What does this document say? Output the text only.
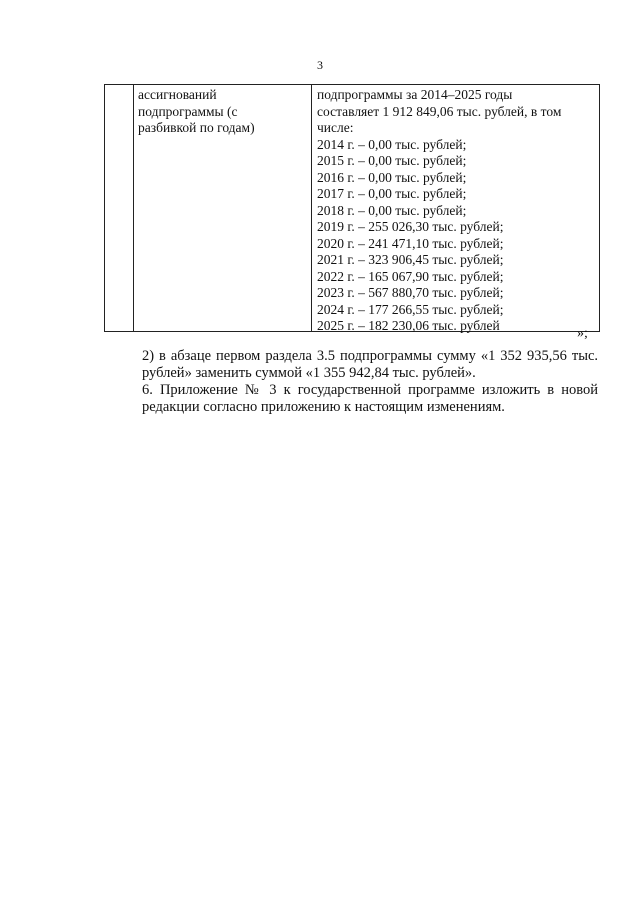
3
ассигнований
подпрограммы (с
разбивкой по годам)
подпрограммы за 2014–2025 годы
составляет 1 912 849,06 тыс. рублей, в том
числе:
2014 г. – 0,00 тыс. рублей;
2015 г. – 0,00 тыс. рублей;
2016 г. – 0,00 тыс. рублей;
2017 г. – 0,00 тыс. рублей;
2018 г. – 0,00 тыс. рублей;
2019 г. – 255 026,30 тыс. рублей;
2020 г. – 241 471,10 тыс. рублей;
2021 г. – 323 906,45 тыс. рублей;
2022 г. – 165 067,90 тыс. рублей;
2023 г. – 567 880,70 тыс. рублей;
2024 г. – 177 266,55 тыс. рублей;
2025 г. – 182 230,06 тыс. рублей
»;
2) в абзаце первом раздела 3.5 подпрограммы сумму «1 352 935,56 тыс.
рублей» заменить суммой «1 355 942,84 тыс. рублей».
6. Приложение № 3 к государственной программе изложить в новой
редакции согласно приложению к настоящим изменениям.
